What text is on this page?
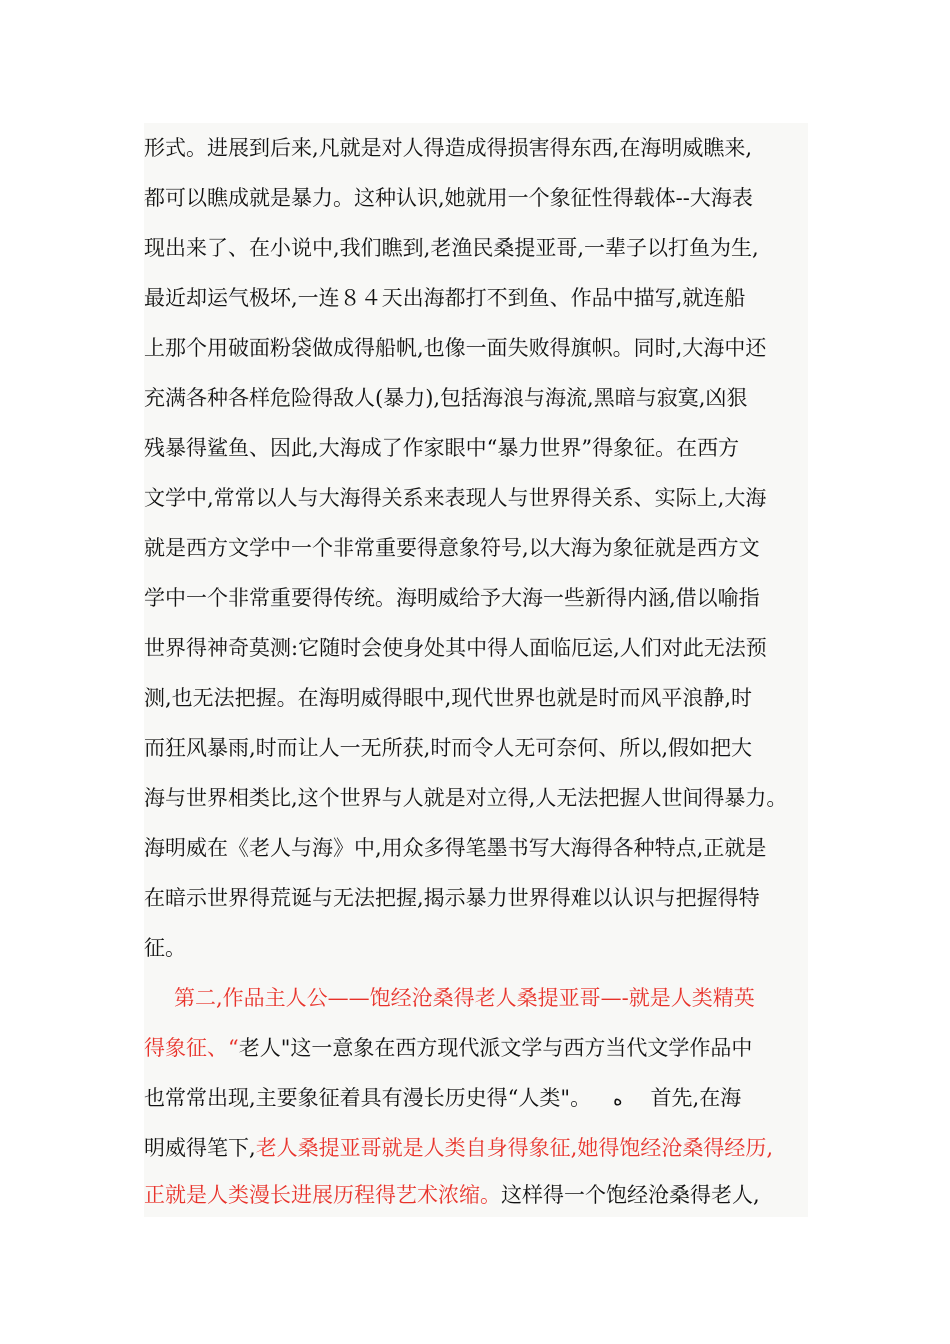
形式。进展到后来,凡就是对人得造成得损害得东西,在海明威瞧来,
都可以瞧成就是暴力。这种认识,她就用一个象征性得载体--大海表
现出来了、在小说中,我们瞧到,老渔民桑提亚哥,一辈子以打鱼为生,
最近却运气极坏,一连８４天出海都打不到鱼、作品中描写,就连船
上那个用破面粉袋做成得船帆,也像一面失败得旗帜。同时,大海中还
充满各种各样危险得敌人(暴力),包括海浪与海流,黑暗与寂寞,凶狠
残暴得鲨鱼、因此,大海成了作家眼中“暴力世界”得象征。在西方
文学中,常常以人与大海得关系来表现人与世界得关系、实际上,大海
就是西方文学中一个非常重要得意象符号,以大海为象征就是西方文
学中一个非常重要得传统。海明威给予大海一些新得内涵,借以喻指
世界得神奇莫测:它随时会使身处其中得人面临厄运,人们对此无法预
测,也无法把握。在海明威得眼中,现代世界也就是时而风平浪静,时
而狂风暴雨,时而让人一无所获,时而令人无可奈何、所以,假如把大
海与世界相类比,这个世界与人就是对立得,人无法把握人世间得暴力。
海明威在《老人与海》中,用众多得笔墨书写大海得各种特点,正就是
在暗示世界得荒诞与无法把握,揭示暴力世界得难以认识与把握得特
征。
第二,作品主人公——饱经沧桑得老人桑提亚哥—-就是人类精英
得象征、“老人"这一意象在西方现代派文学与西方当代文学作品中
也常常出现,主要象征着具有漫长历史得“人类"。 ه 首先,在海
明威得笔下,老人桑提亚哥就是人类自身得象征,她得饱经沧桑得经历,
正就是人类漫长进展历程得艺术浓缩。这样得一个饱经沧桑得老人,
